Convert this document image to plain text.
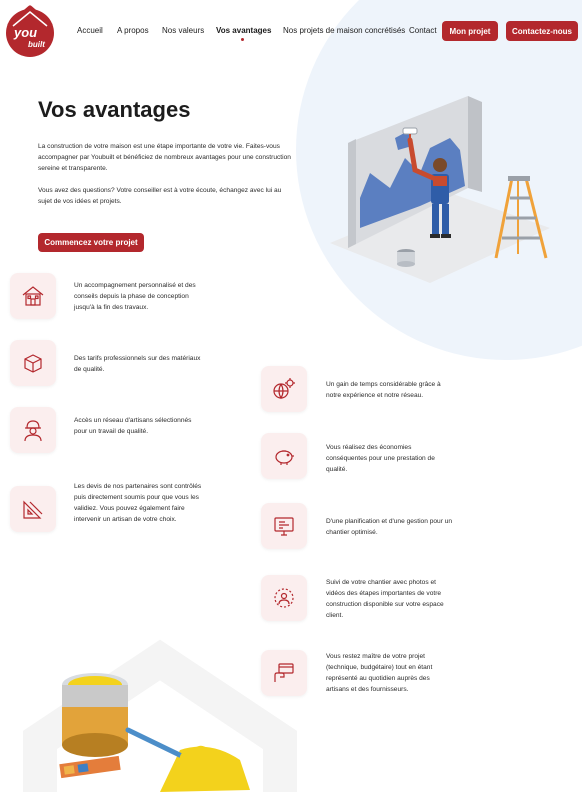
you
built
Accueil A propos Nos valeurs Vos avantages Nos projets de maison concrétisés Contact	Mon projet	Contactez-nous
Vos avantages

La construction de votre maison est une étape importante de votre vie. Faites-vous accompagner par Youbuilt et bénéficiez de nombreux avantages pour une construction sereine et transparente.

Vous avez des questions? Votre conseiller est à votre écoute, échangez avec lui au sujet de vos idées et projets.

Commencez votre projet

Un accompagnement personnalisé et des conseils depuis la phase de conception jusqu'à la fin des travaux.

Des tarifs professionnels sur des matériaux de qualité.

Accès un réseau d'artisans sélectionnés pour un travail de qualité.

Les devis de nos partenaires sont contrôlés puis directement soumis pour que vous les validiez. Vous pouvez également faire intervenir un artisan de votre choix.

Un gain de temps considérable grâce à notre expérience et notre réseau.

Vous réalisez des économies conséquentes pour une prestation de qualité.

D'une planification et d'une gestion pour un chantier optimisé.

Suivi de votre chantier avec photos et vidéos des étapes importantes de votre construction disponible sur votre espace client.

Vous restez maître de votre projet (technique, budgétaire) tout en étant représenté au quotidien auprès des artisans et des fournisseurs.
